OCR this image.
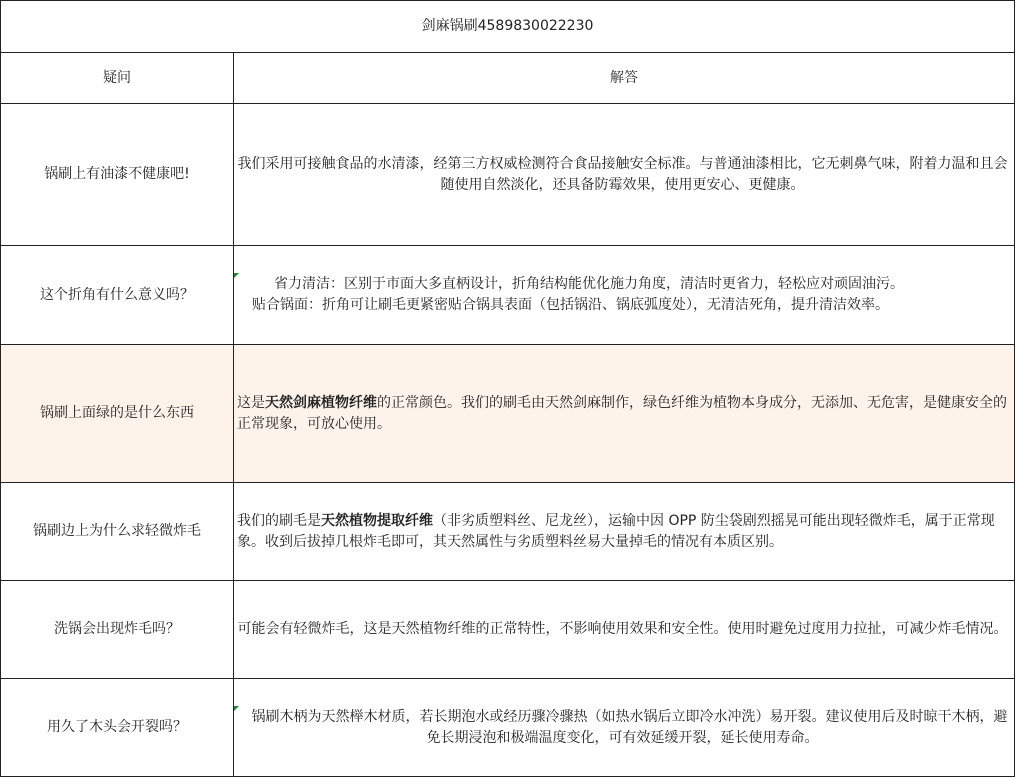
剑麻锅刷4589830022230	
疑问	解答
锅刷上有油漆不健康吧!	我们采用可接触食品的水清漆，经第三方权威检测符合食品接触安全标准。与普通油漆相比，它无刺鼻气味，附着力温和且会随使用自然淡化，还具备防霉效果，使用更安心、更健康。
这个折角有什么意义吗？	省力清洁：区别于市面大多直柄设计，折角结构能优化施力角度，清洁时更省力，轻松应对顽固油污。
贴合锅面：折角可让刷毛更紧密贴合锅具表面（包括锅沿、锅底弧度处），无清洁死角，提升清洁效率。

锅刷上面绿的是什么东西	这是天然剑麻植物纤维的正常颜色。我们的刷毛由天然剑麻制作，绿色纤维为植物本身成分，无添加、无危害，是健康安全的正常现象，可放心使用。
锅刷边上为什么求轻微炸毛	我们的刷毛是天然植物提取纤维（非劣质塑料丝、尼龙丝），运输中因 OPP 防尘袋剧烈摇晃可能出现轻微炸毛，属于正常现象。收到后拔掉几根炸毛即可，其天然属性与劣质塑料丝易大量掉毛的情况有本质区别。
洗锅会出现炸毛吗？	可能会有轻微炸毛，这是天然植物纤维的正常特性，不影响使用效果和安全性。使用时避免过度用力拉扯，可减少炸毛情况。
用久了木头会开裂吗？	锅刷木柄为天然榉木材质，若长期泡水或经历骤冷骤热（如热水锅后立即冷水冲洗）易开裂。建议使用后及时晾干木柄，避免长期浸泡和极端温度变化，可有效延缓开裂，延长使用寿命。
